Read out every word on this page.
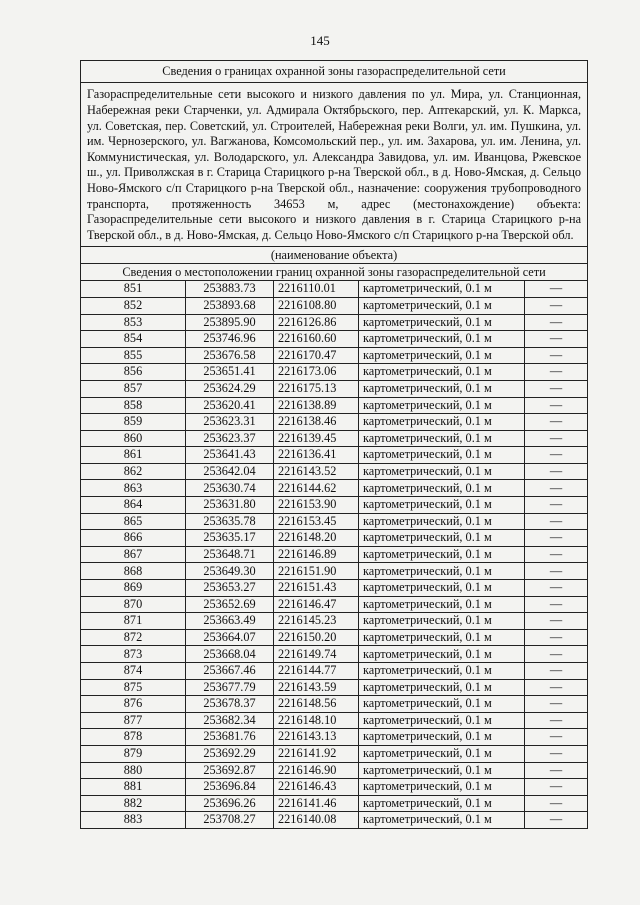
145
Сведения о границах охранной зоны газораспределительной сети				
Газораспределительные сети высокого и низкого давления по ул. Мира, ул. Станционная, Набережная реки Старченки, ул. Адмирала Октябрьского, пер. Аптекарский, ул. К. Маркса, ул. Советская, пер. Советский, ул. Строителей, Набережная реки Волги, ул. им. Пушкина, ул. им. Чернозерского, ул. Вагжанова, Комсомольский пер., ул. им. Захарова, ул. им. Ленина, ул. Коммунистическая, ул. Володарского, ул. Александра Завидова, ул. им. Иванцова, Ржевское ш., ул. Приволжская в г. Старица Старицкого р-на Тверской обл., в д. Ново-Ямская, д. Сельцо Ново-Ямского с/п Старицкого р-на Тверской обл., назначение: сооружения трубопроводного транспорта, протяженность 34653 м, адрес (местонахождение) объекта: Газораспределительные сети высокого и низкого давления в г. Старица Старицкого р-на Тверской обл., в д. Ново-Ямская, д. Сельцо Ново-Ямского с/п Старицкого р-на Тверской обл.				
(наименование объекта)				
Сведения о местоположении границ охранной зоны газораспределительной сети				
851	253883.73	2216110.01	картометрический, 0.1 м	—
852	253893.68	2216108.80	картометрический, 0.1 м	—
853	253895.90	2216126.86	картометрический, 0.1 м	—
854	253746.96	2216160.60	картометрический, 0.1 м	—
855	253676.58	2216170.47	картометрический, 0.1 м	—
856	253651.41	2216173.06	картометрический, 0.1 м	—
857	253624.29	2216175.13	картометрический, 0.1 м	—
858	253620.41	2216138.89	картометрический, 0.1 м	—
859	253623.31	2216138.46	картометрический, 0.1 м	—
860	253623.37	2216139.45	картометрический, 0.1 м	—
861	253641.43	2216136.41	картометрический, 0.1 м	—
862	253642.04	2216143.52	картометрический, 0.1 м	—
863	253630.74	2216144.62	картометрический, 0.1 м	—
864	253631.80	2216153.90	картометрический, 0.1 м	—
865	253635.78	2216153.45	картометрический, 0.1 м	—
866	253635.17	2216148.20	картометрический, 0.1 м	—
867	253648.71	2216146.89	картометрический, 0.1 м	—
868	253649.30	2216151.90	картометрический, 0.1 м	—
869	253653.27	2216151.43	картометрический, 0.1 м	—
870	253652.69	2216146.47	картометрический, 0.1 м	—
871	253663.49	2216145.23	картометрический, 0.1 м	—
872	253664.07	2216150.20	картометрический, 0.1 м	—
873	253668.04	2216149.74	картометрический, 0.1 м	—
874	253667.46	2216144.77	картометрический, 0.1 м	—
875	253677.79	2216143.59	картометрический, 0.1 м	—
876	253678.37	2216148.56	картометрический, 0.1 м	—
877	253682.34	2216148.10	картометрический, 0.1 м	—
878	253681.76	2216143.13	картометрический, 0.1 м	—
879	253692.29	2216141.92	картометрический, 0.1 м	—
880	253692.87	2216146.90	картометрический, 0.1 м	—
881	253696.84	2216146.43	картометрический, 0.1 м	—
882	253696.26	2216141.46	картометрический, 0.1 м	—
883	253708.27	2216140.08	картометрический, 0.1 м	—
